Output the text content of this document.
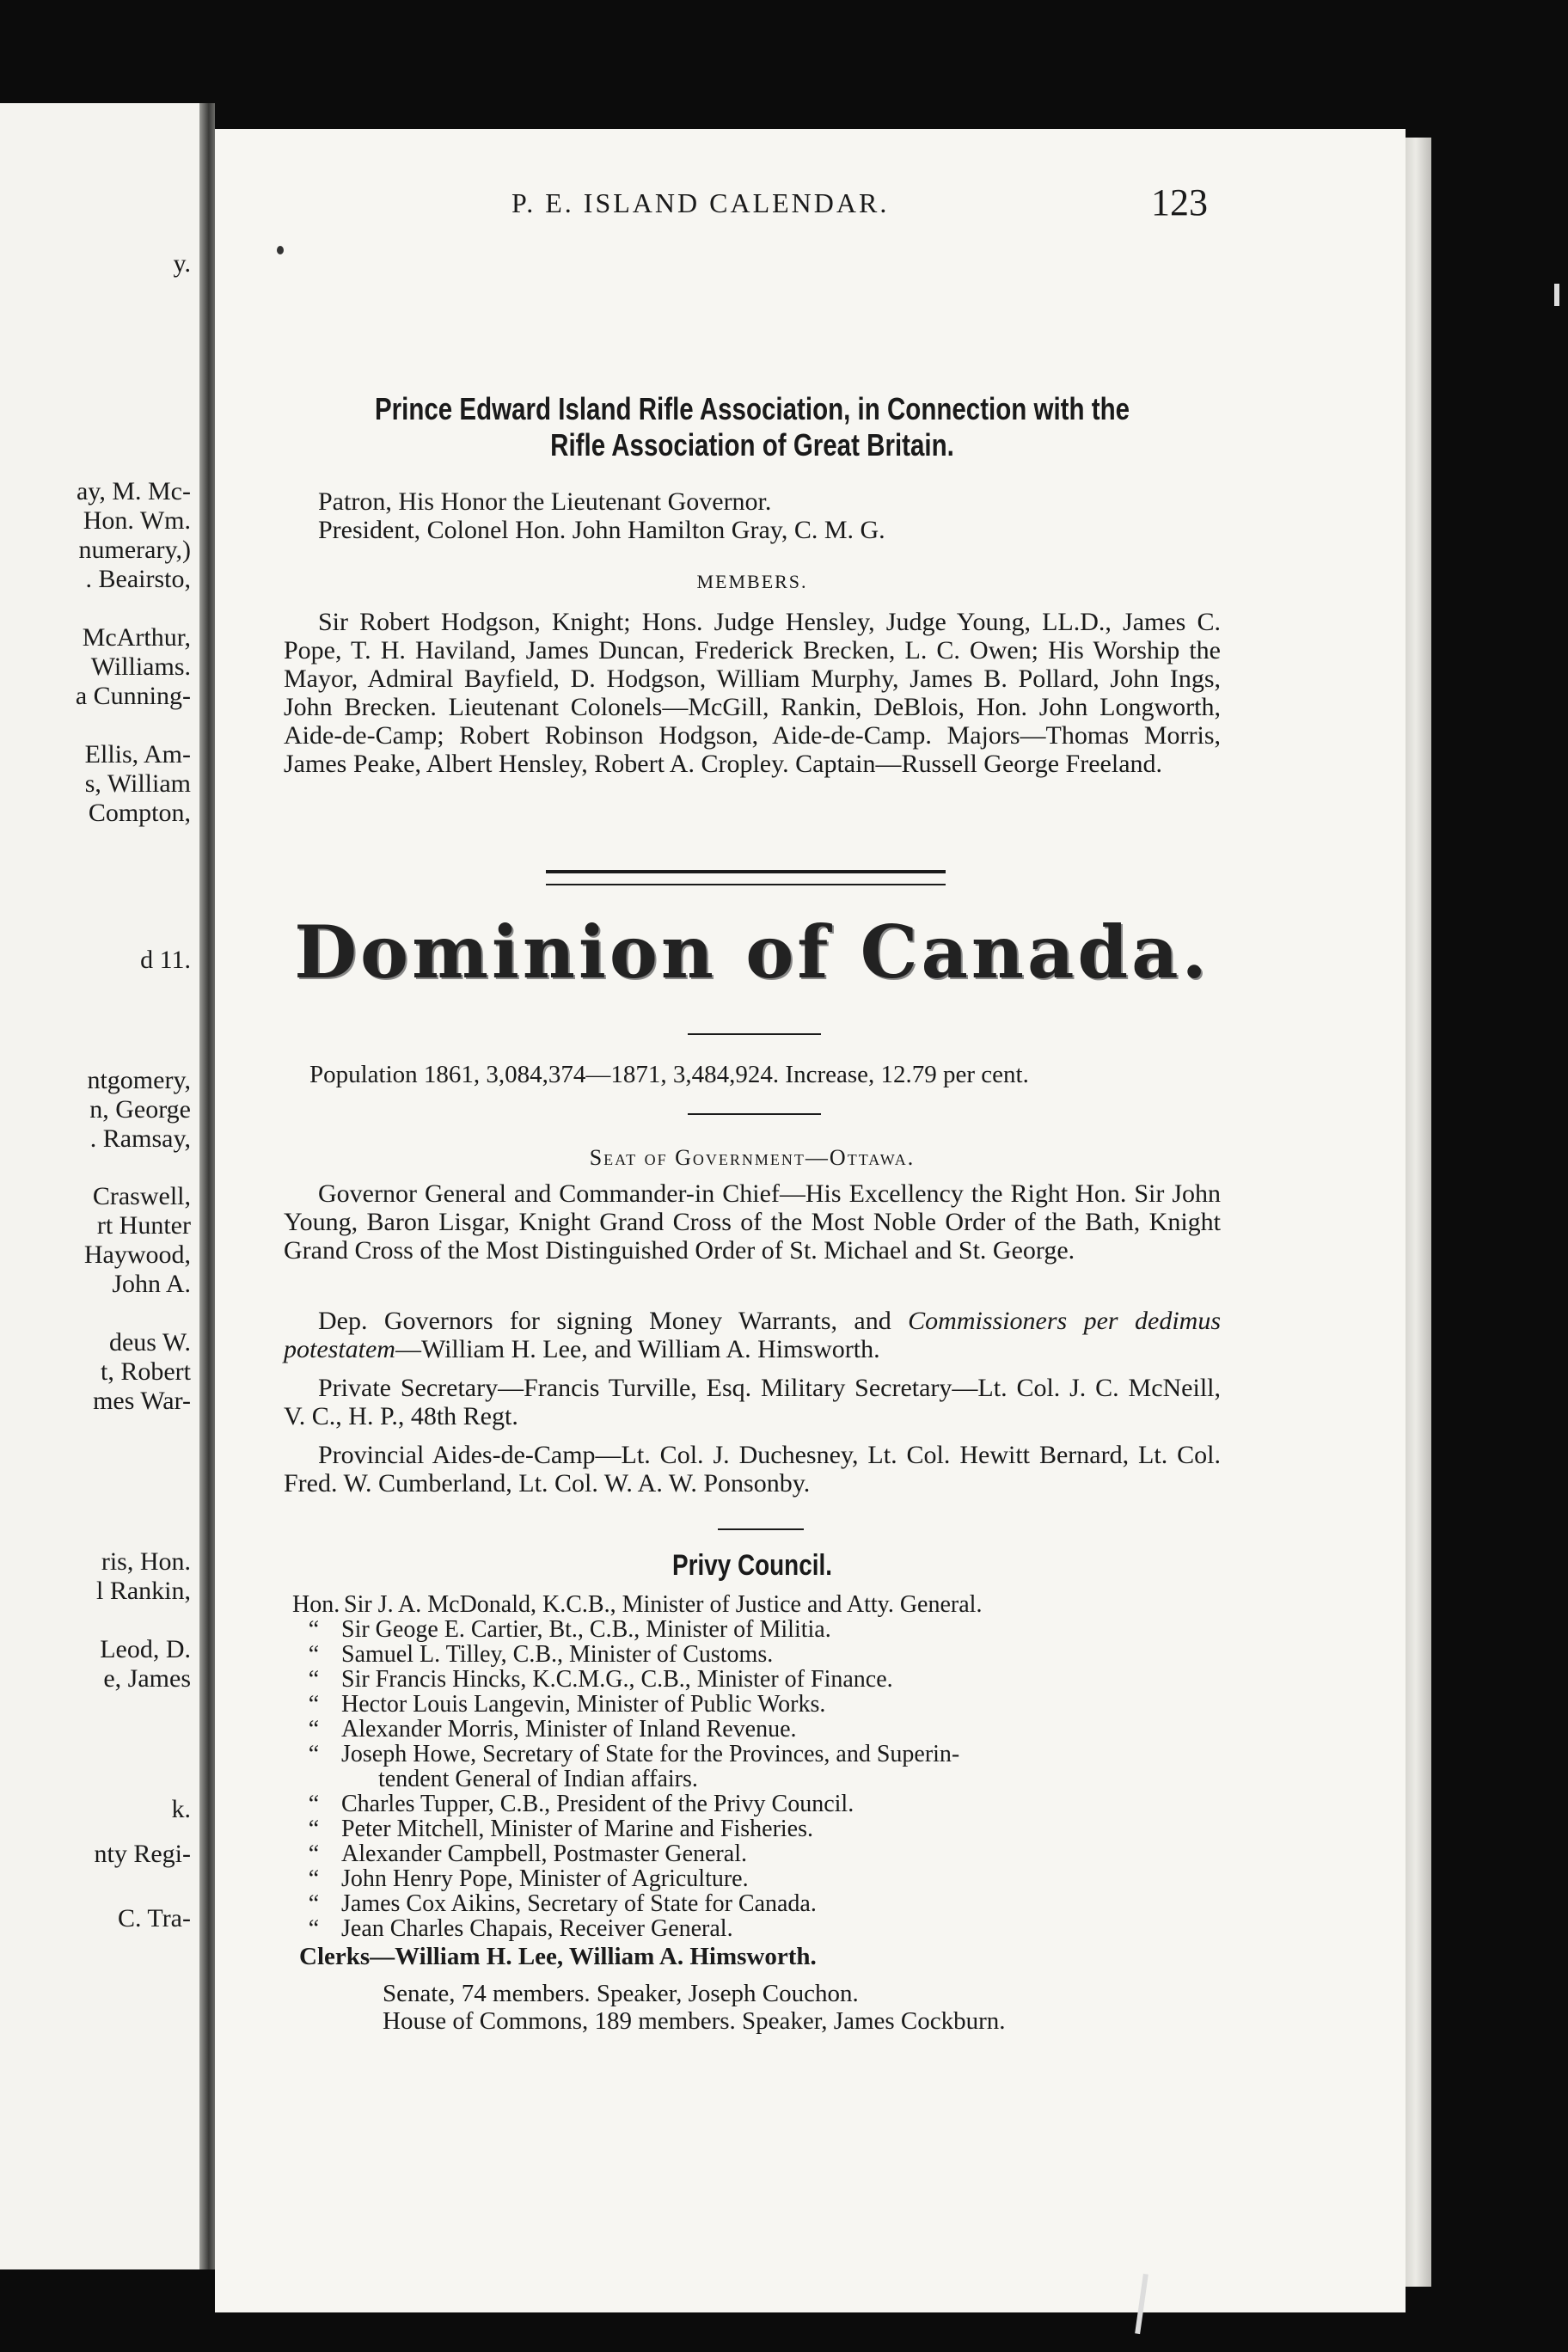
y.
ay, M. Mc-
Hon. Wm.
numerary,)
. Beairsto,
McArthur,
Williams.
a Cunning-
Ellis, Am-
s, William
Compton,
d 11.
ntgomery,
n, George
. Ramsay,
Craswell,
rt Hunter
Haywood,
John A.
deus W.
t, Robert
mes War-
ris, Hon.
l Rankin,
Leod, D.
e, James
k.
nty Regi-
C. Tra-
P. E. ISLAND CALENDAR.	123
Prince Edward Island Rifle Association, in Connection with the Rifle Association of Great Britain.
Patron, His Honor the Lieutenant Governor.
President, Colonel Hon. John Hamilton Gray, C. M. G.
MEMBERS.
Sir Robert Hodgson, Knight; Hons. Judge Hensley, Judge Young, LL.D., James C. Pope, T. H. Haviland, James Duncan, Frederick Brecken, L. C. Owen; His Worship the Mayor, Admiral Bayfield, D. Hodgson, William Murphy, James B. Pollard, John Ings, John Brecken. Lieutenant Colonels—McGill, Rankin, DeBlois, Hon. John Longworth, Aide-de-Camp; Robert Robinson Hodgson, Aide-de-Camp. Majors—Thomas Morris, James Peake, Albert Hensley, Robert A. Cropley. Captain—Russell George Freeland.
Dominion of Canada.
Population 1861, 3,084,374—1871, 3,484,924. Increase, 12.79 per cent.
Seat of Government—Ottawa.
Governor General and Commander-in Chief—His Excellency the Right Hon. Sir John Young, Baron Lisgar, Knight Grand Cross of the Most Noble Order of the Bath, Knight Grand Cross of the Most Distinguished Order of St. Michael and St. George.
Dep. Governors for signing Money Warrants, and Commissioners per dedimus potestatem—William H. Lee, and William A. Himsworth.
Private Secretary—Francis Turville, Esq. Military Secretary—Lt. Col. J. C. McNeill, V. C., H. P., 48th Regt.
Provincial Aides-de-Camp—Lt. Col. J. Duchesney, Lt. Col. Hewitt Bernard, Lt. Col. Fred. W. Cumberland, Lt. Col. W. A. W. Ponsonby.
Privy Council.
Hon. Sir J. A. McDonald, K.C.B., Minister of Justice and Atty. General.
“ Sir Geoge E. Cartier, Bt., C.B., Minister of Militia.
“ Samuel L. Tilley, C.B., Minister of Customs.
“ Sir Francis Hincks, K.C.M.G., C.B., Minister of Finance.
“ Hector Louis Langevin, Minister of Public Works.
“ Alexander Morris, Minister of Inland Revenue.
“ Joseph Howe, Secretary of State for the Provinces, and Superin-
tendent General of Indian affairs.
“ Charles Tupper, C.B., President of the Privy Council.
“ Peter Mitchell, Minister of Marine and Fisheries.
“ Alexander Campbell, Postmaster General.
“ John Henry Pope, Minister of Agriculture.
“ James Cox Aikins, Secretary of State for Canada.
“ Jean Charles Chapais, Receiver General.
Clerks—William H. Lee, William A. Himsworth.
Senate, 74 members. Speaker, Joseph Couchon.
House of Commons, 189 members. Speaker, James Cockburn.
